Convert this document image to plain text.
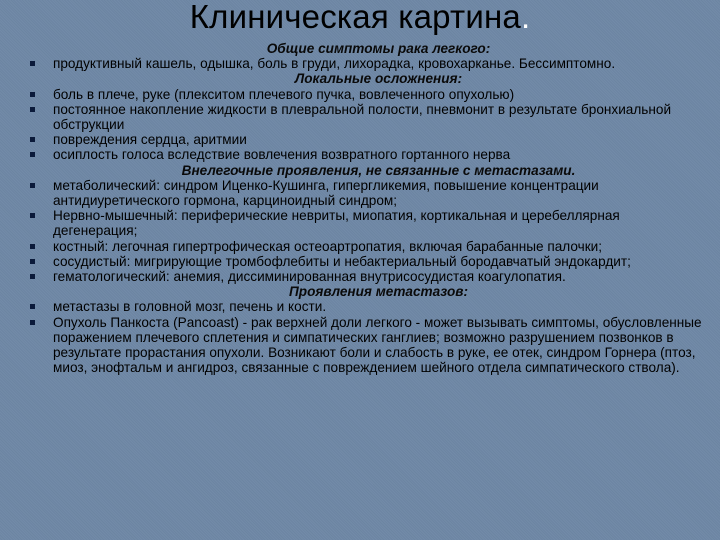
Клиническая картина.
Общие симптомы рака легкого:
продуктивный кашель, одышка, боль в груди, лихорадка, кровохарканье. Бессимптомно.
Локальные осложнения:
боль в плече, руке (плекситом плечевого пучка, вовлеченного опухолью)
постоянное накопление жидкости в плевральной полости, пневмонит в результате бронхиальной
обструкции
повреждения сердца, аритмии
осиплость голоса вследствие вовлечения возвратного гортанного нерва
Внелегочные проявления, не связанные с метастазами.
метаболический: синдром Иценко-Кушинга, гипергликемия, повышение концентрации антидиуретического гормона, карциноидный синдром;
Нервно-мышечный: периферические невриты, миопатия, кортикальная и церебеллярная дегенерация;
костный: легочная гипертрофическая остеоартропатия, включая барабанные палочки;
сосудистый: мигрирующие тромбофлебиты и небактериальный бородавчатый эндокардит;
гематологический: анемия, диссиминированная внутрисосудистая коагулопатия.
Проявления метастазов:
метастазы в головной мозг, печень и кости.
Опухоль Панкоста (Pancoast) - рак верхней доли легкого - может вызывать симптомы, обусловленные поражением плечевого сплетения и симпатических ганглиев; возможно разрушением позвонков в результате прорастания опухоли. Возникают боли и слабость в руке, ее отек, синдром Горнера (птоз, миоз, энофтальм и ангидроз, связанные с повреждением шейного отдела симпатического ствола).
